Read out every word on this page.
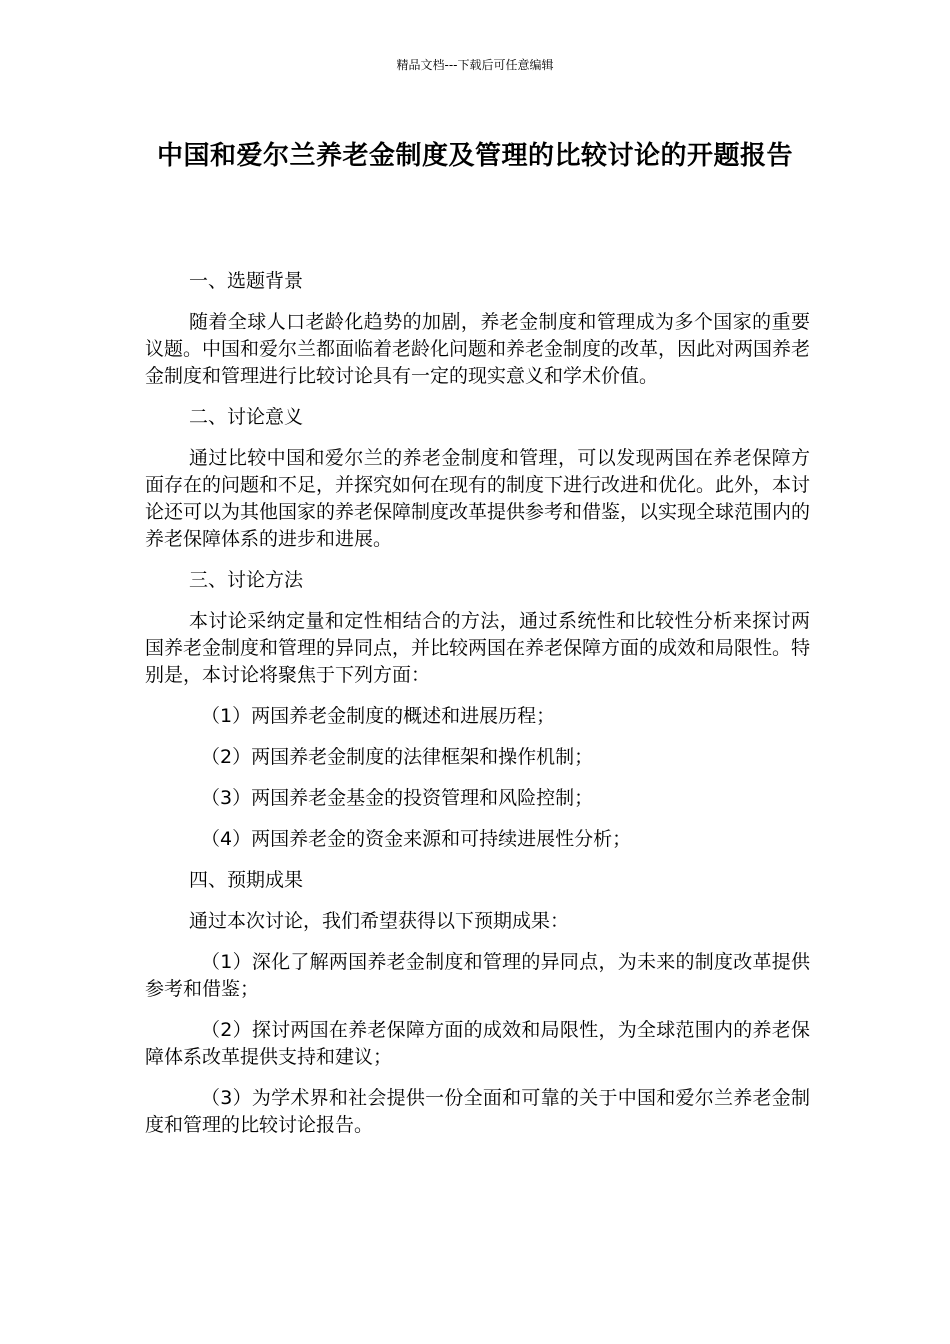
精品文档---下载后可任意编辑
中国和爱尔兰养老金制度及管理的比较讨论的开题报告

一、选题背景

随着全球人口老龄化趋势的加剧，养老金制度和管理成为多个国家的重要议题。中国和爱尔兰都面临着老龄化问题和养老金制度的改革，因此对两国养老金制度和管理进行比较讨论具有一定的现实意义和学术价值。

二、讨论意义

通过比较中国和爱尔兰的养老金制度和管理，可以发现两国在养老保障方面存在的问题和不足，并探究如何在现有的制度下进行改进和优化。此外，本讨论还可以为其他国家的养老保障制度改革提供参考和借鉴，以实现全球范围内的养老保障体系的进步和进展。

三、讨论方法

本讨论采纳定量和定性相结合的方法，通过系统性和比较性分析来探讨两国养老金制度和管理的异同点，并比较两国在养老保障方面的成效和局限性。特别是，本讨论将聚焦于下列方面：

（1）两国养老金制度的概述和进展历程；

（2）两国养老金制度的法律框架和操作机制；

（3）两国养老金基金的投资管理和风险控制；

（4）两国养老金的资金来源和可持续进展性分析；

四、预期成果

通过本次讨论，我们希望获得以下预期成果：

（1）深化了解两国养老金制度和管理的异同点，为未来的制度改革提供参考和借鉴；

（2）探讨两国在养老保障方面的成效和局限性，为全球范围内的养老保障体系改革提供支持和建议；

（3）为学术界和社会提供一份全面和可靠的关于中国和爱尔兰养老金制度和管理的比较讨论报告。
